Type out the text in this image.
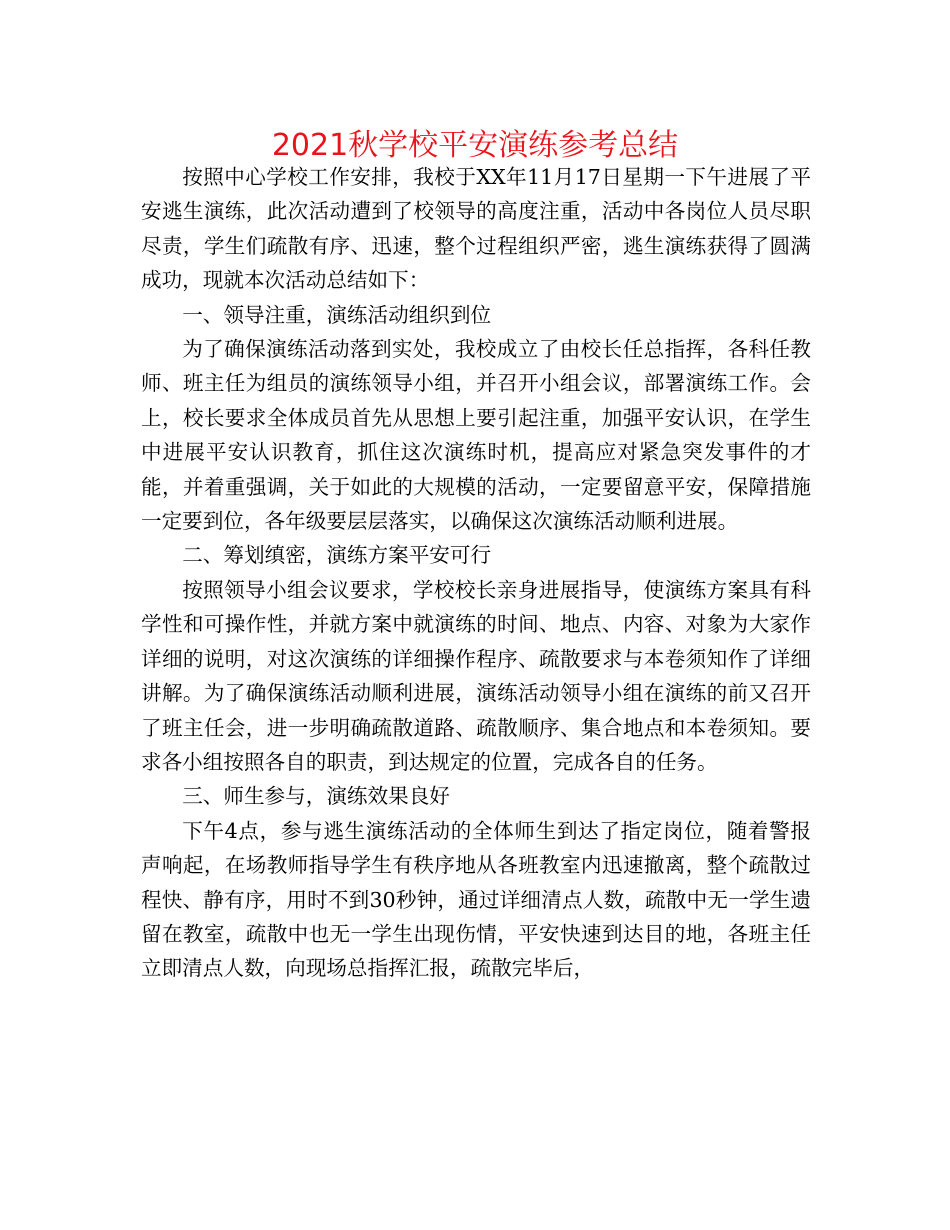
2021秋学校平安演练参考总结

按照中心学校工作安排，我校于XX年11月17日星期一下午进展了平安逃生演练，此次活动遭到了校领导的高度注重，活动中各岗位人员尽职尽责，学生们疏散有序、迅速，整个过程组织严密，逃生演练获得了圆满成功，现就本次活动总结如下：

一、领导注重，演练活动组织到位

为了确保演练活动落到实处，我校成立了由校长任总指挥，各科任教师、班主任为组员的演练领导小组，并召开小组会议，部署演练工作。会上，校长要求全体成员首先从思想上要引起注重，加强平安认识，在学生中进展平安认识教育，抓住这次演练时机，提高应对紧急突发事件的才能，并着重强调，关于如此的大规模的活动，一定要留意平安，保障措施一定要到位，各年级要层层落实，以确保这次演练活动顺利进展。

二、筹划缜密，演练方案平安可行

按照领导小组会议要求，学校校长亲身进展指导，使演练方案具有科学性和可操作性，并就方案中就演练的时间、地点、内容、对象为大家作详细的说明，对这次演练的详细操作程序、疏散要求与本卷须知作了详细讲解。为了确保演练活动顺利进展，演练活动领导小组在演练的前又召开了班主任会，进一步明确疏散道路、疏散顺序、集合地点和本卷须知。要求各小组按照各自的职责，到达规定的位置，完成各自的任务。

三、师生参与，演练效果良好

下午4点，参与逃生演练活动的全体师生到达了指定岗位，随着警报声响起，在场教师指导学生有秩序地从各班教室内迅速撤离，整个疏散过程快、静有序，用时不到30秒钟，通过详细清点人数，疏散中无一学生遗留在教室，疏散中也无一学生出现伤情，平安快速到达目的地，各班主任立即清点人数，向现场总指挥汇报，疏散完毕后，
